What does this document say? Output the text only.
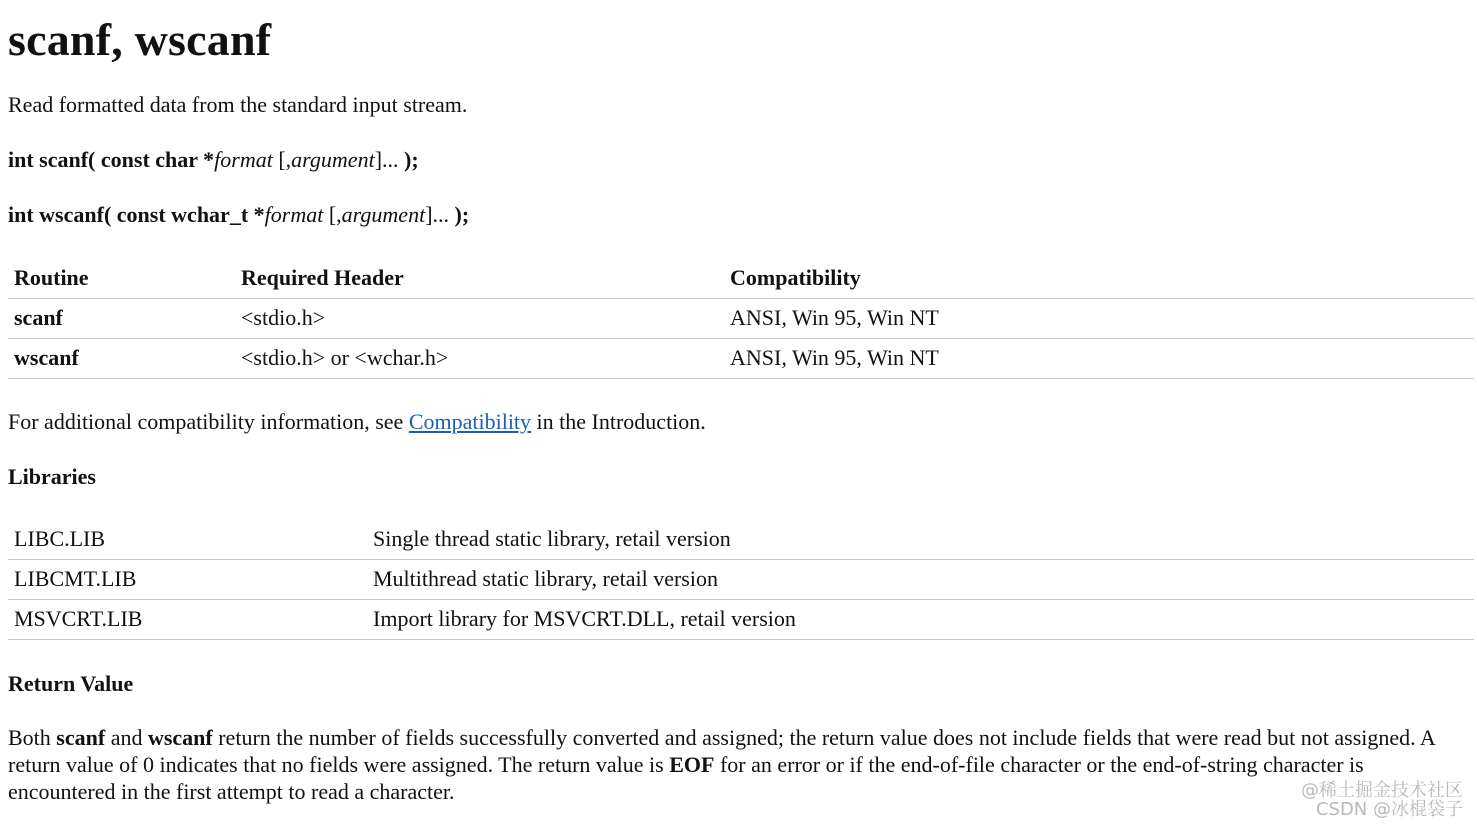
scanf, wscanf

Read formatted data from the standard input stream.

int scanf( const char *format [,argument]... );

int wscanf( const wchar_t *format [,argument]... );

Routine	Required Header	Compatibility
scanf	<stdio.h>	ANSI, Win 95, Win NT
wscanf	<stdio.h> or <wchar.h>	ANSI, Win 95, Win NT

For additional compatibility information, see Compatibility in the Introduction.

Libraries

LIBC.LIB	Single thread static library, retail version
LIBCMT.LIB	Multithread static library, retail version
MSVCRT.LIB	Import library for MSVCRT.DLL, retail version

Return Value

Both scanf and wscanf return the number of fields successfully converted and assigned; the return value does not include fields that were read but not assigned. A return value of 0 indicates that no fields were assigned. The return value is EOF for an error or if the end-of-file character or the end-of-string character is encountered in the first attempt to read a character.	@稀土掘金技术社区
CSDN @冰棍袋子
